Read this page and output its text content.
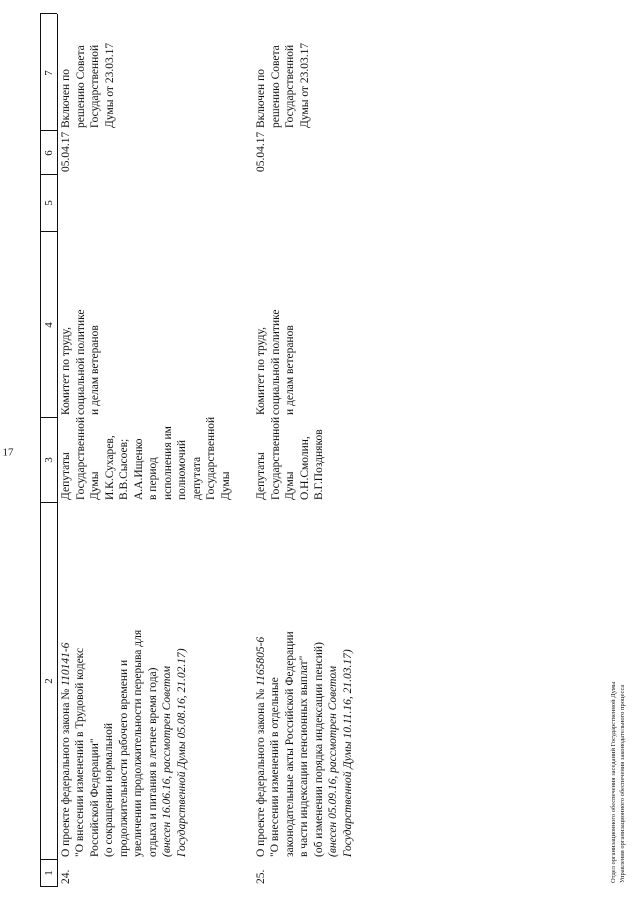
17
1
2
3
4
5
6
7
24.
О проекте федерального закона № 110141-6
"О внесении изменений в Трудовой кодекс
Российской Федерации"
(о сокращении нормальной
продолжительности рабочего времени и
увеличении продолжительности перерыва для
отдыха и питания в летнее время года)
(внесен 16.06.16, рассмотрен Советом
Государственной Думы 05.08.16, 21.02.17)
Депутаты
Государственной
Думы
И.К.Сухарев,
В.В.Сысоев;
А.А.Ищенко
в период
исполнения им
полномочий
депутата
Государственной
Думы
Комитет по труду,
социальной политике
и делам ветеранов
05.04.17
Включен по
решению Совета
Государственной
Думы от 23.03.17
25.
О проекте федерального закона № 1165805-6
"О внесении изменений в отдельные
законодательные акты Российской Федерации
в части индексации пенсионных выплат"
(об изменении порядка индексации пенсий)
(внесен 05.09.16, рассмотрен Советом
Государственной Думы 10.11.16, 21.03.17)
Депутаты
Государственной
Думы
О.Н.Смолин,
В.Г.Поздняков
Комитет по труду,
социальной политике
и делам ветеранов
05.04.17
Включен по
решению Совета
Государственной
Думы от 23.03.17
Отдел организационного обеспечения заседаний Государственной Думы Управления организационного обеспечения законодательного процесса
